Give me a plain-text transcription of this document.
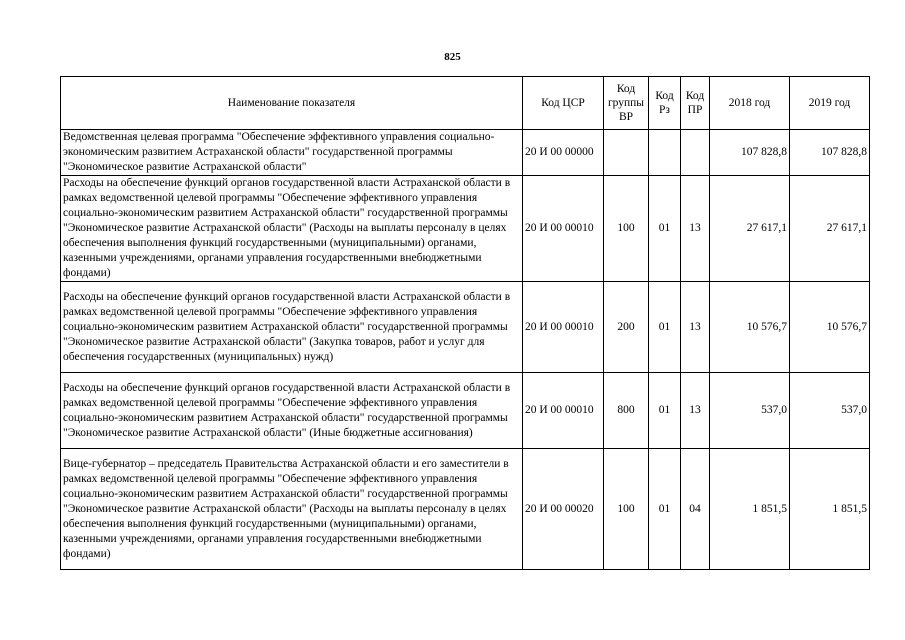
825
Наименование показателя	Код ЦСР	Код группы ВР	Код Рз	Код ПР	2018 год	2019 год
Ведомственная целевая программа "Обеспечение эффективного управления социально-экономическим развитием Астраханской области" государственной программы "Экономическое развитие Астраханской области"	20 И 00 00000				107 828,8	107 828,8
Расходы на обеспечение функций органов государственной власти Астраханской области в рамках ведомственной целевой программы "Обеспечение эффективного управления социально-экономическим развитием Астраханской области" государственной программы "Экономическое развитие Астраханской области" (Расходы на выплаты персоналу в целях обеспечения выполнения функций государственными (муниципальными) органами, казенными учреждениями, органами управления государственными внебюджетными фондами)	20 И 00 00010	100	01	13	27 617,1	27 617,1
Расходы на обеспечение функций органов государственной власти Астраханской области в рамках ведомственной целевой программы "Обеспечение эффективного управления социально-экономическим развитием Астраханской области" государственной программы "Экономическое развитие Астраханской области" (Закупка товаров, работ и услуг для обеспечения государственных (муниципальных) нужд)	20 И 00 00010	200	01	13	10 576,7	10 576,7
Расходы на обеспечение функций органов государственной власти Астраханской области в рамках ведомственной целевой программы "Обеспечение эффективного управления социально-экономическим развитием Астраханской области" государственной программы "Экономическое развитие Астраханской области" (Иные бюджетные ассигнования)	20 И 00 00010	800	01	13	537,0	537,0
Вице-губернатор – председатель Правительства Астраханской области и его заместители в рамках ведомственной целевой программы "Обеспечение эффективного управления социально-экономическим развитием Астраханской области" государственной программы "Экономическое развитие Астраханской области" (Расходы на выплаты персоналу в целях обеспечения выполнения функций государственными (муниципальными) органами, казенными учреждениями, органами управления государственными внебюджетными фондами)	20 И 00 00020	100	01	04	1 851,5	1 851,5
